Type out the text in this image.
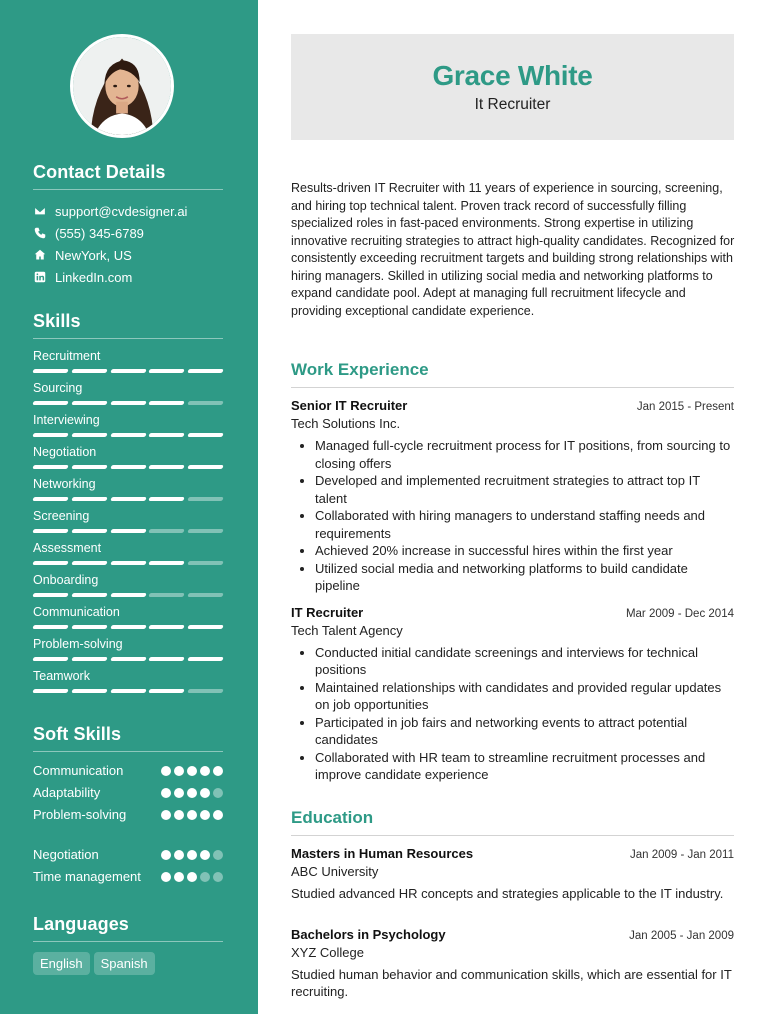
Contact Details
support@cvdesigner.ai
(555) 345-6789
NewYork, US
LinkedIn.com
Skills
Recruitment
Sourcing
Interviewing
Negotiation
Networking
Screening
Assessment
Onboarding
Communication
Problem-solving
Teamwork
Soft Skills
Communication
Adaptability
Problem-solving
Negotiation
Time management
Languages
English	Spanish
Grace White
It Recruiter

Results-driven IT Recruiter with 11 years of experience in sourcing, screening, and hiring top technical talent. Proven track record of successfully filling specialized roles in fast-paced environments. Strong expertise in utilizing innovative recruiting strategies to attract high-quality candidates. Recognized for consistently exceeding recruitment targets and building strong relationships with hiring managers. Skilled in utilizing social media and networking platforms to expand candidate pool. Adept at managing full recruitment lifecycle and providing exceptional candidate experience.

Work Experience
Senior IT Recruiter	Jan 2015 - Present
Tech Solutions Inc.
• Managed full-cycle recruitment process for IT positions, from sourcing to closing offers
• Developed and implemented recruitment strategies to attract top IT talent
• Collaborated with hiring managers to understand staffing needs and requirements
• Achieved 20% increase in successful hires within the first year
• Utilized social media and networking platforms to build candidate pipeline
IT Recruiter	Mar 2009 - Dec 2014
Tech Talent Agency
• Conducted initial candidate screenings and interviews for technical positions
• Maintained relationships with candidates and provided regular updates on job opportunities
• Participated in job fairs and networking events to attract potential candidates
• Collaborated with HR team to streamline recruitment processes and improve candidate experience
Education
Masters in Human Resources	Jan 2009 - Jan 2011
ABC University
Studied advanced HR concepts and strategies applicable to the IT industry.
Bachelors in Psychology	Jan 2005 - Jan 2009
XYZ College
Studied human behavior and communication skills, which are essential for IT recruiting.
